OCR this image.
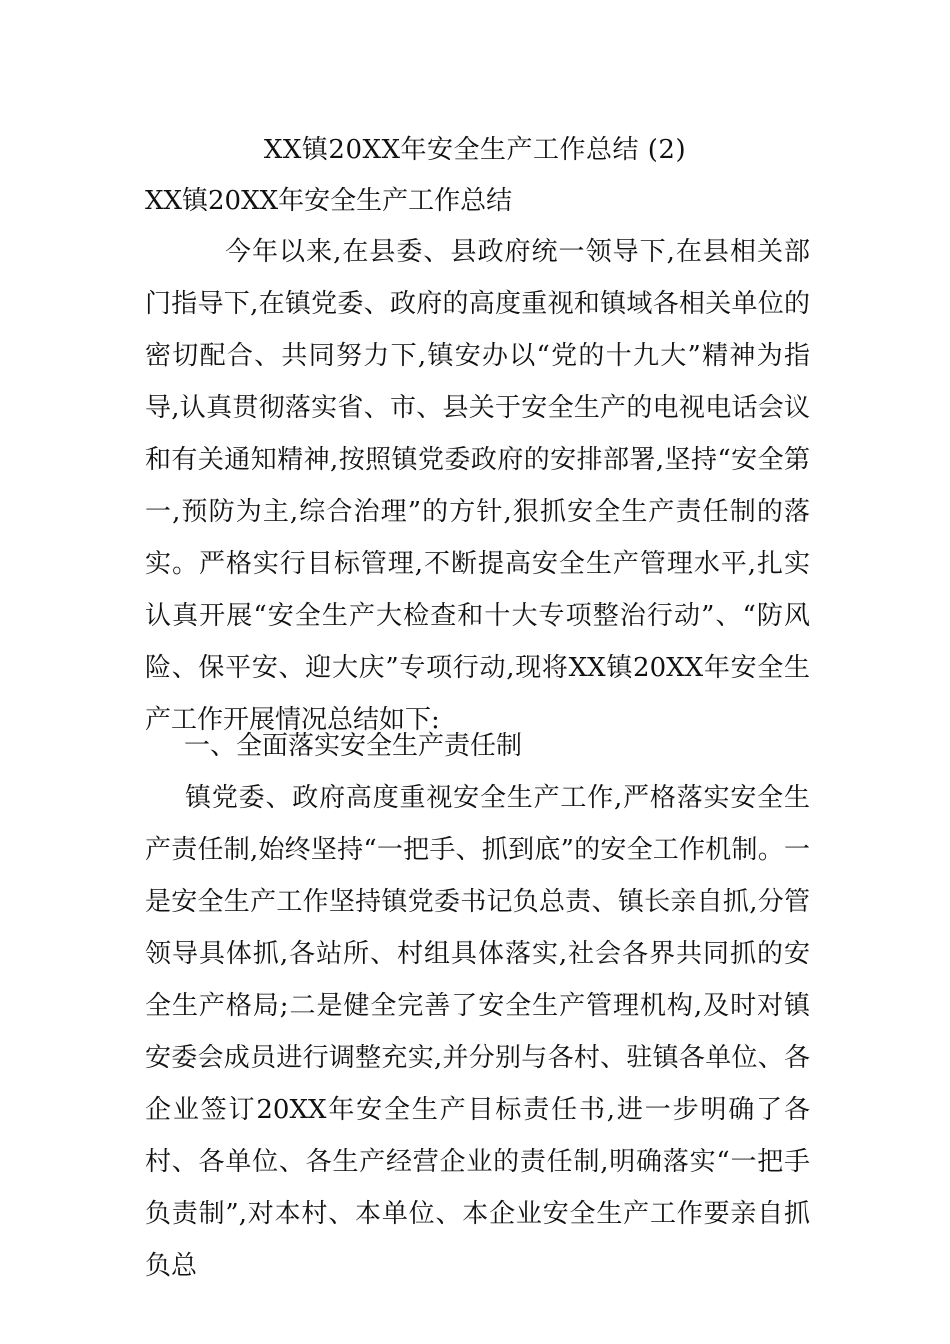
XX镇20XX年安全生产工作总结 (2)
XX镇20XX年安全生产工作总结

今年以来,在县委、县政府统一领导下,在县相关部门指导下,在镇党委、政府的高度重视和镇域各相关单位的密切配合、共同努力下,镇安办以“党的十九大”精神为指导,认真贯彻落实省、市、县关于安全生产的电视电话会议和有关通知精神,按照镇党委政府的安排部署,坚持“安全第一,预防为主,综合治理”的方针,狠抓安全生产责任制的落实。严格实行目标管理,不断提高安全生产管理水平,扎实认真开展“安全生产大检查和十大专项整治行动”、“防风险、保平安、迎大庆”专项行动,现将XX镇20XX年安全生产工作开展情况总结如下:

一、全面落实安全生产责任制

镇党委、政府高度重视安全生产工作,严格落实安全生产责任制,始终坚持“一把手、抓到底”的安全工作机制。一是安全生产工作坚持镇党委书记负总责、镇长亲自抓,分管领导具体抓,各站所、村组具体落实,社会各界共同抓的安全生产格局;二是健全完善了安全生产管理机构,及时对镇安委会成员进行调整充实,并分别与各村、驻镇各单位、各企业签订20XX年安全生产目标责任书,进一步明确了各村、各单位、各生产经营企业的责任制,明确落实“一把手负责制”,对本村、本单位、本企业安全生产工作要亲自抓负总
